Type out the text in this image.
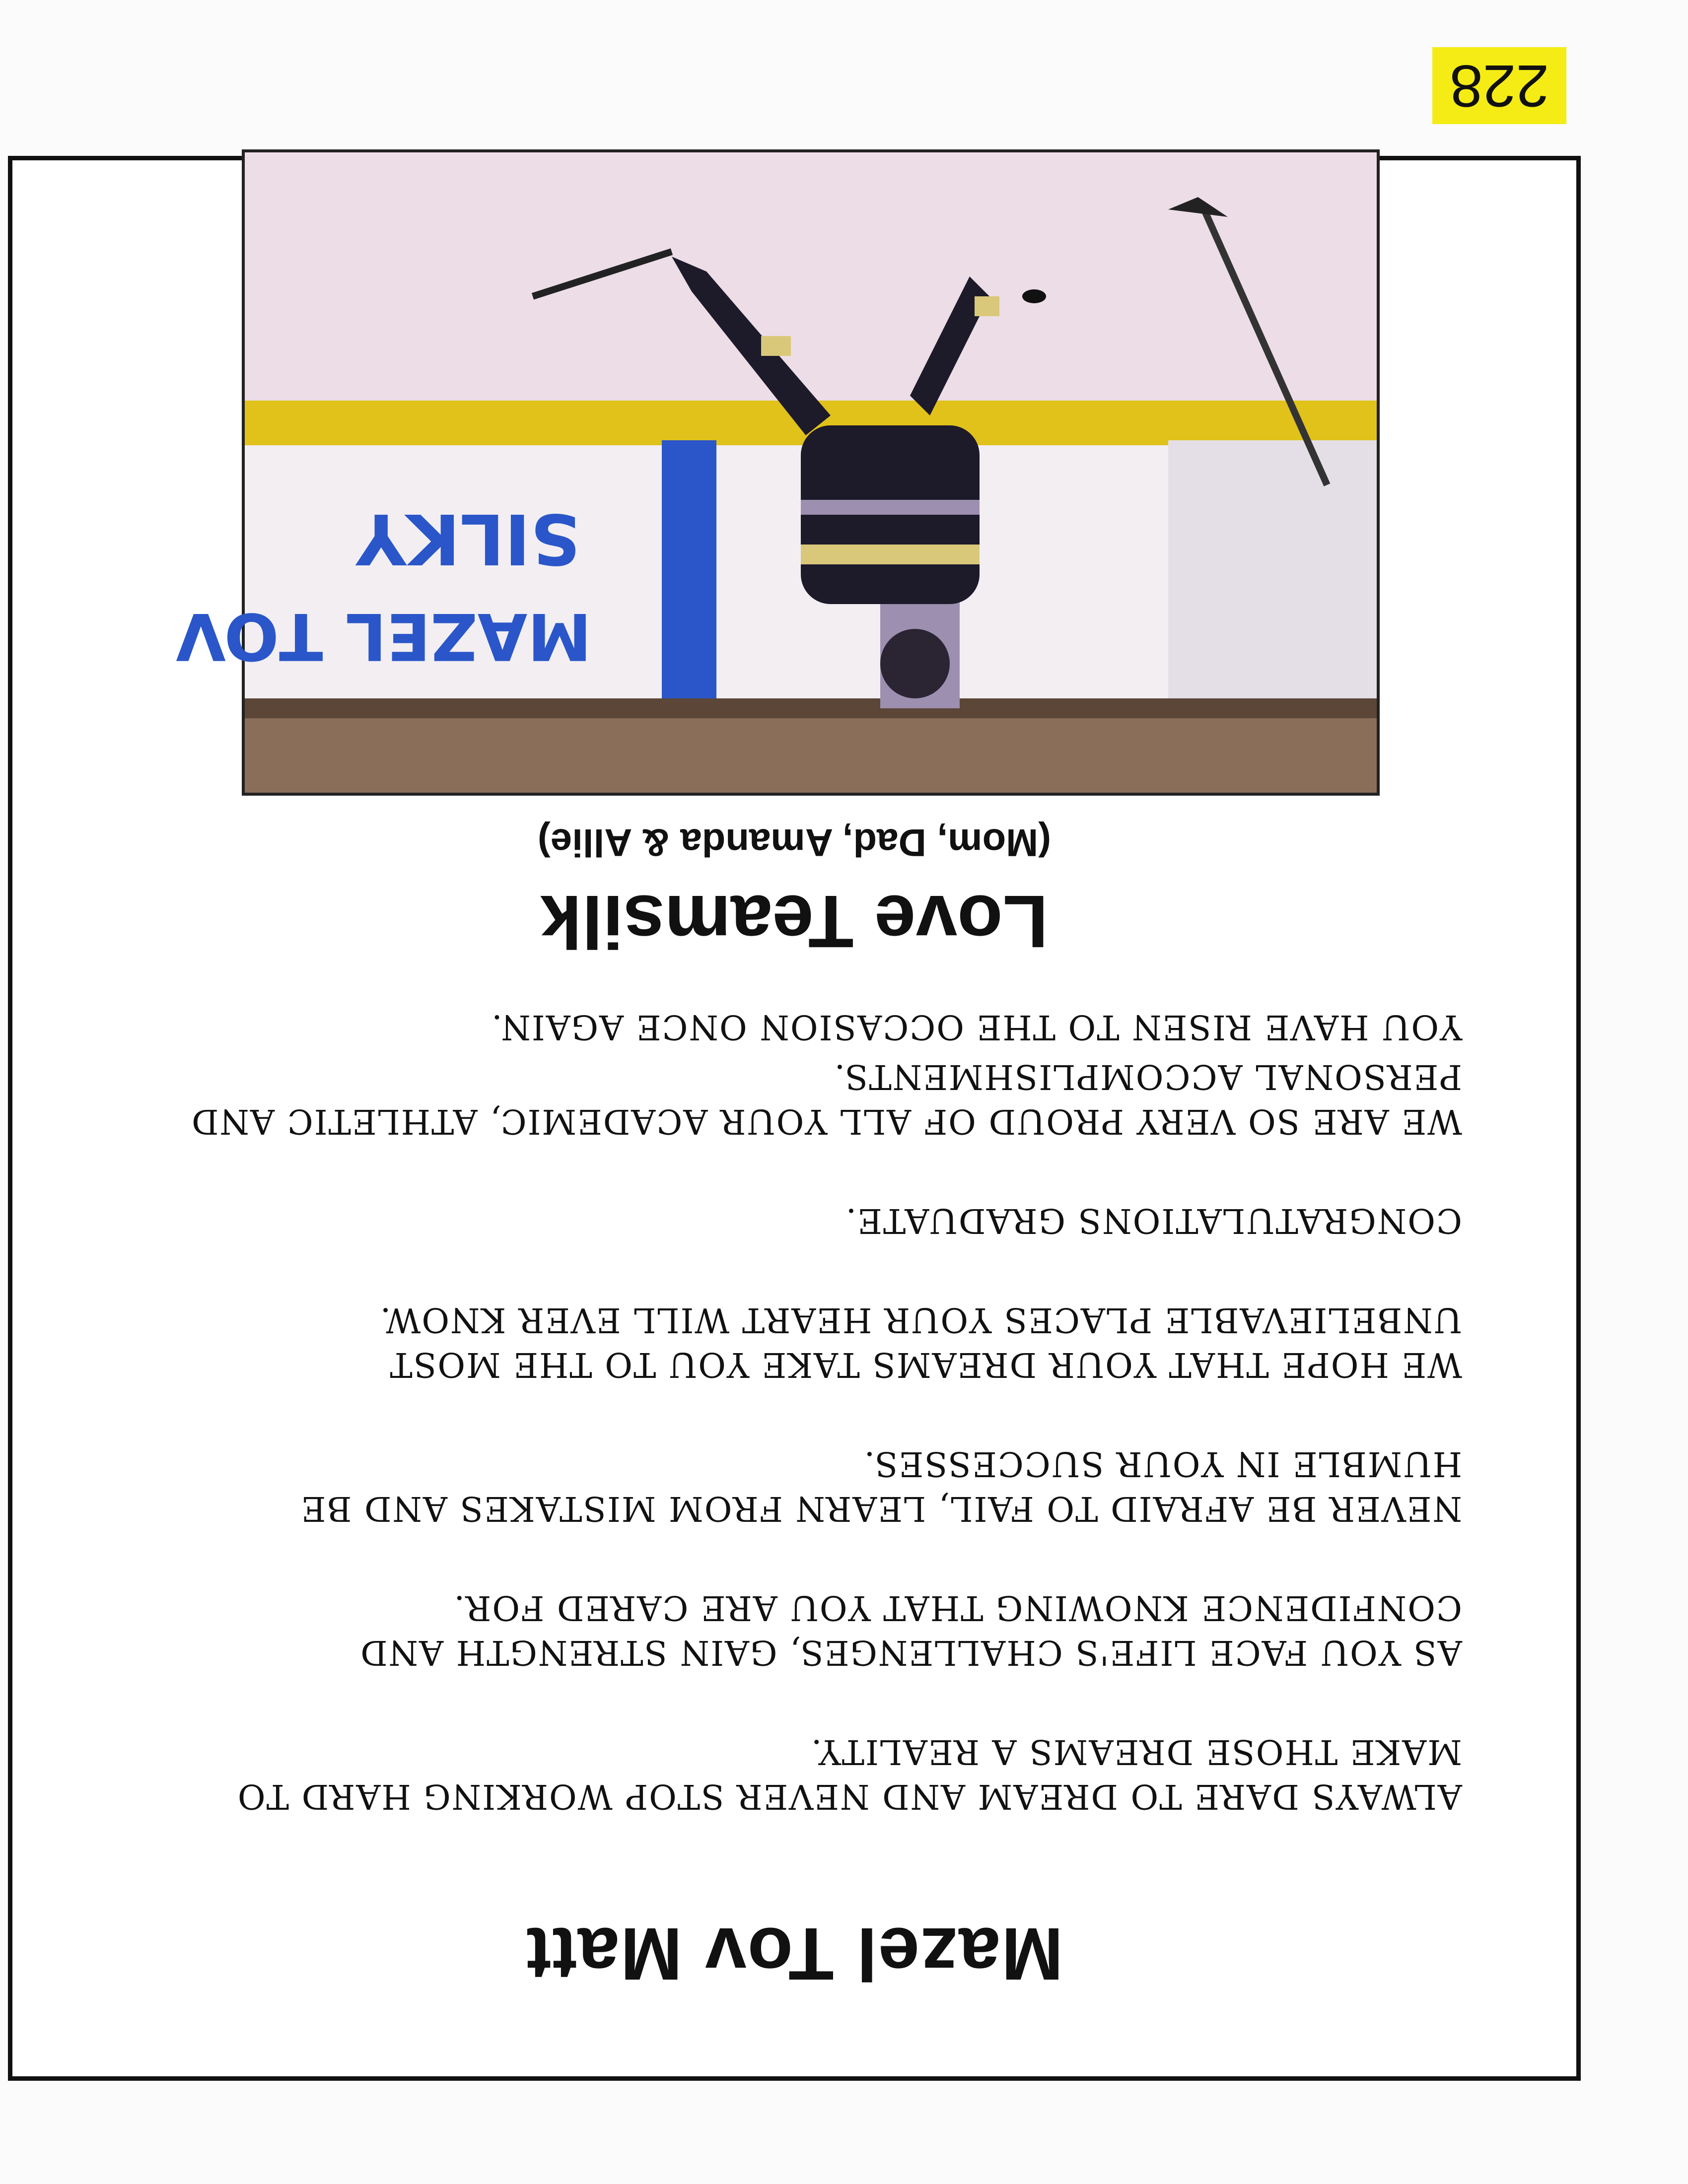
Mazel Tov Matt
ALWAYS DARE TO DREAM AND NEVER STOP WORKING HARD TO
MAKE THOSE DREAMS A REALITY.
AS YOU FACE LIFE'S CHALLENGES, GAIN STRENGTH AND
CONFIDENCE KNOWING THAT YOU ARE CARED FOR.
NEVER BE AFRAID TO FAIL, LEARN FROM MISTAKES AND BE
HUMBLE IN YOUR SUCCESSES.
WE HOPE THAT YOUR DREAMS TAKE YOU TO THE MOST
UNBELIEVABLE PLACES YOUR HEART WILL EVER KNOW.
CONGRATULATIONS GRADUATE.
WE ARE SO VERY PROUD OF ALL YOUR ACADEMIC, ATHLETIC AND
PERSONAL ACCOMPLISHMENTS.
YOU HAVE RISEN TO THE OCCASION ONCE AGAIN.
Love Teamsilk
(Mom, Dad, Amanda & Allie)
MAZEL TOV
SILKY
228
